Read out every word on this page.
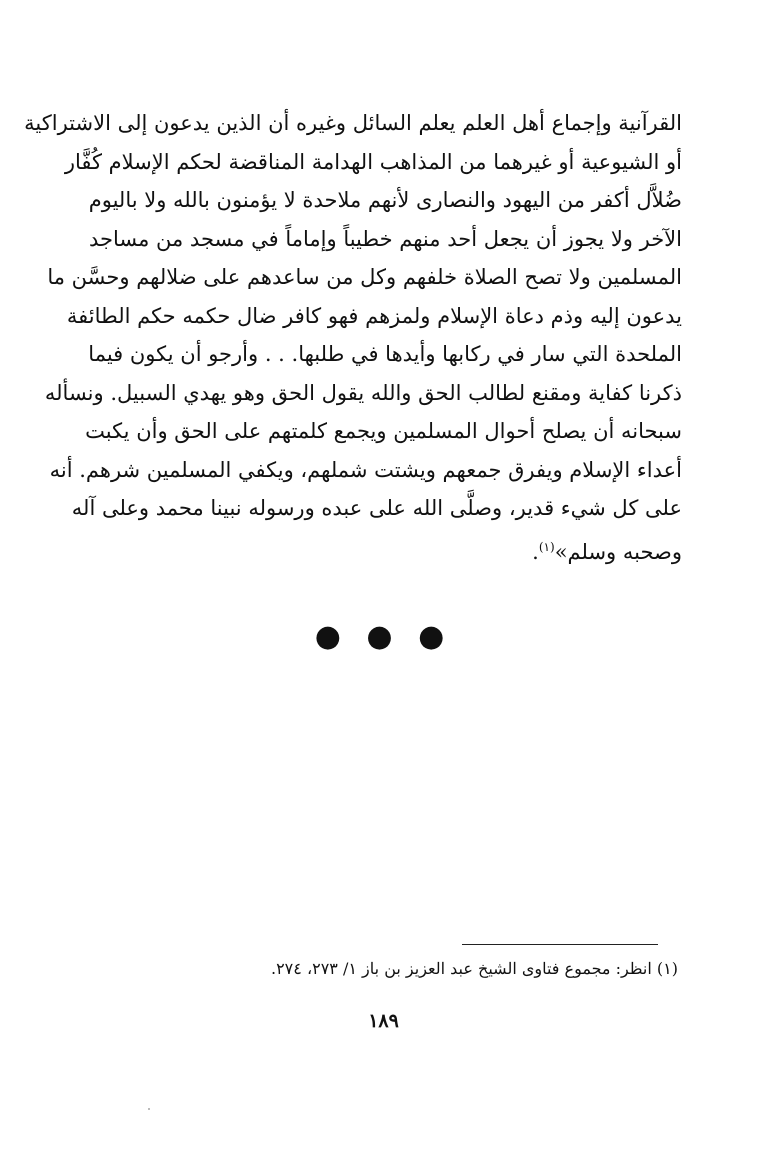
القرآنية وإجماع أهل العلم يعلم السائل وغيره أن الذين يدعون إلى الاشتراكية
أو الشيوعية أو غيرهما من المذاهب الهدامة المناقضة لحكم الإسلام كُفَّار
ضُلاَّل أكفر من اليهود والنصارى لأنهم ملاحدة لا يؤمنون بالله ولا باليوم
الآخر ولا يجوز أن يجعل أحد منهم خطيباً وإماماً في مسجد من مساجد
المسلمين ولا تصح الصلاة خلفهم وكل من ساعدهم على ضلالهم وحسَّن ما
يدعون إليه وذم دعاة الإسلام ولمزهم فهو كافر ضال حكمه حكم الطائفة
الملحدة التي سار في ركابها وأيدها في طلبها. . . وأرجو أن يكون فيما
ذكرنا كفاية ومقنع لطالب الحق والله يقول الحق وهو يهدي السبيل. ونسأله
سبحانه أن يصلح أحوال المسلمين ويجمع كلمتهم على الحق وأن يكبت
أعداء الإسلام ويفرق جمعهم ويشتت شملهم، ويكفي المسلمين شرهم. أنه
على كل شيء قدير، وصلَّى الله على عبده ورسوله نبينا محمد وعلى آله
وصحبه وسلم»$^{(١)}$.
● ● ●
(١) انظر: مجموع فتاوى الشيخ عبد العزيز بن باز ١/ ٢٧٣، ٢٧٤.
١٨٩
